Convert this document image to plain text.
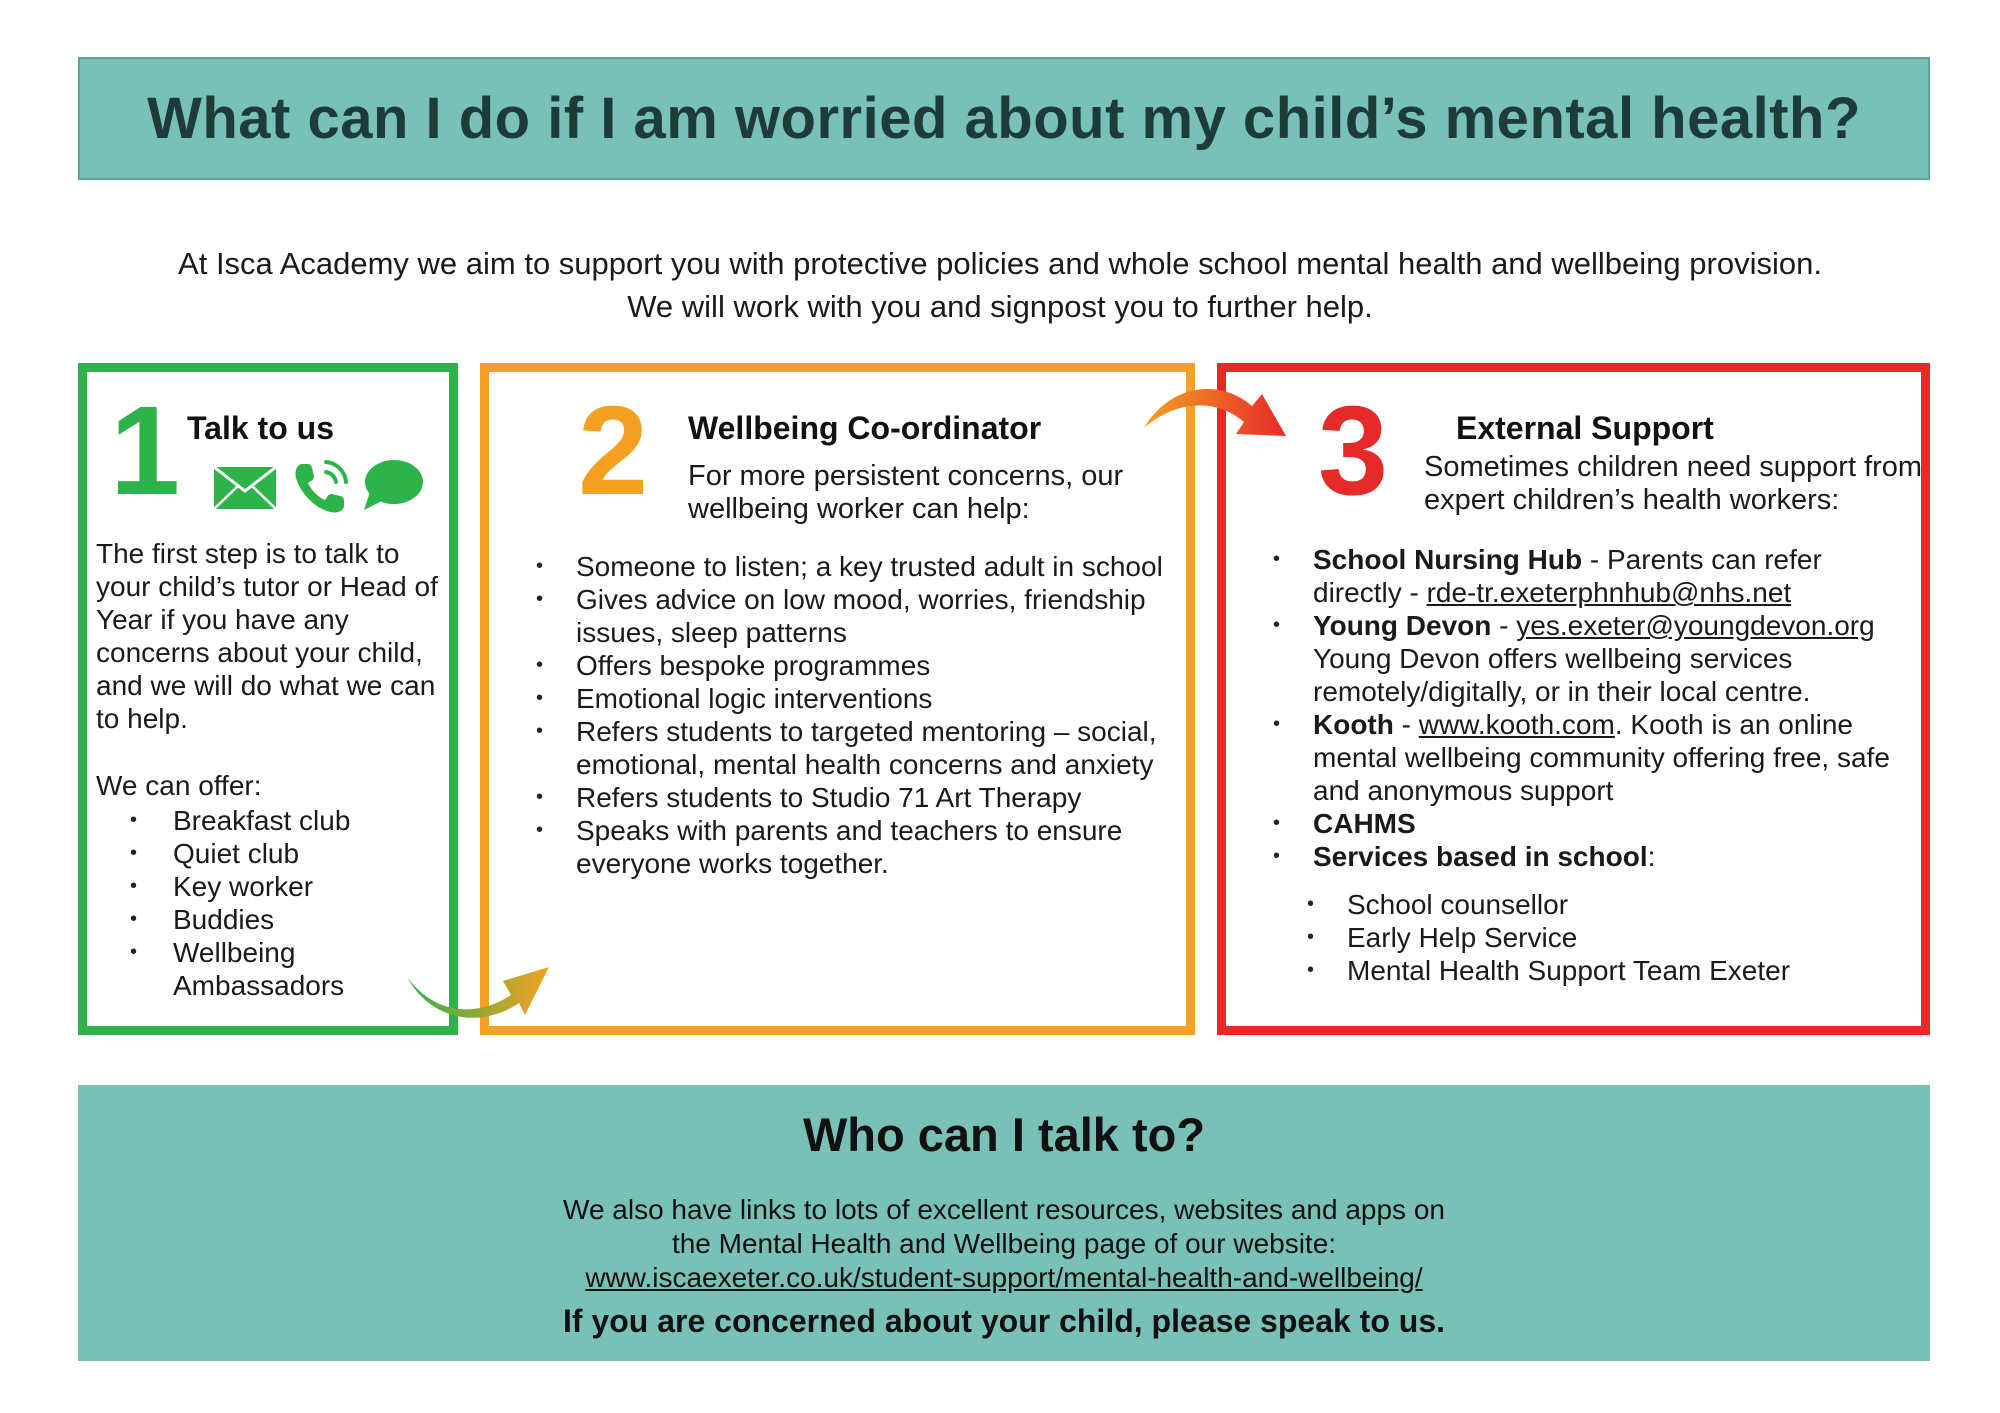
What can I do if I am worried about my child’s mental health?
At Isca Academy we aim to support you with protective policies and whole school mental health and wellbeing provision.
We will work with you and signpost you to further help.
1 Talk to us
The first step is to talk to your child’s tutor or Head of Year if you have any concerns about your child, and we will do what we can to help.
We can offer:
• Breakfast club
• Quiet club
• Key worker
• Buddies
• Wellbeing Ambassadors
2 Wellbeing Co-ordinator
For more persistent concerns, our wellbeing worker can help:
• Someone to listen; a key trusted adult in school
• Gives advice on low mood, worries, friendship issues, sleep patterns
• Offers bespoke programmes
• Emotional logic interventions
• Refers students to targeted mentoring – social, emotional, mental health concerns and anxiety
• Refers students to Studio 71 Art Therapy
• Speaks with parents and teachers to ensure everyone works together.
3 External Support
Sometimes children need support from expert children’s health workers:
• School Nursing Hub - Parents can refer directly - rde-tr.exeterphnhub@nhs.net
• Young Devon - yes.exeter@youngdevon.org
Young Devon offers wellbeing services remotely/digitally, or in their local centre.
• Kooth - www.kooth.com. Kooth is an online mental wellbeing community offering free, safe and anonymous support
• CAHMS
• Services based in school:
• School counsellor
• Early Help Service
• Mental Health Support Team Exeter
Who can I talk to?
We also have links to lots of excellent resources, websites and apps on
the Mental Health and Wellbeing page of our website:
www.iscaexeter.co.uk/student-support/mental-health-and-wellbeing/
If you are concerned about your child, please speak to us.
